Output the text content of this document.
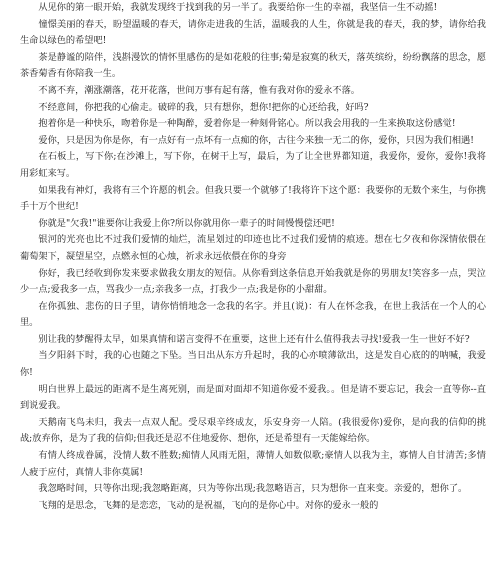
从见你的第一眼开始，我就发现终于找到我的另一半了。我要给你一生的幸福，我坚信一生不动摇!

憧憬美丽的春天，盼望温暖的春天，请你走进我的生活，温暖我的人生，你就是我的春天，我的梦，请你给我生命以绿色的希望吧!

茶是静谧的陪伴，浅斟漫饮的情怀里感伤的是如花般的往事;菊是寂寞的秋天，落英缤纷，纷纷飘落的思念，愿茶香菊香有你陪我一生。

不离不弃，潮涨潮落，花开花落，世间万事有起有落，惟有我对你的爱永不落。

不经意间，你把我的心偷走。破碎的我，只有想你，想你!把你的心还给我，好吗?

抱着你是一种快乐，吻着你是一种陶醉，爱着你是一种刻骨铭心。所以我会用我的一生来换取这份感觉!

爱你，只是因为你是你，有一点好有一点坏有一点痴的你，古往今来独一无二的你，爱你，只因为我们相遇!

在石板上，写下你;在沙滩上，写下你，在树干上写，最后，为了让全世界都知道，我爱你，爱你，爱你!我将用彩虹来写。

如果我有神灯，我将有三个许愿的机会。但我只要一个就够了!我将许下这个愿：我要你的无数个来生，与你携手十万个世纪!

你就是"欠我!"谁要你让我爱上你?所以你就用你一辈子的时间慢慢偿还吧!

银河的光亮也比不过我们爱情的灿烂，流星划过的印迹也比不过我们爱情的痕迹。想在七夕夜和你深情依偎在葡萄架下，凝望星空，点燃永恒的心烛，祈求永远依偎在你的身旁

你好，我已经收到你发来要求做我女朋友的短信。从你看到这条信息开始我就是你的男朋友!笑容多一点，哭泣少一点;爱我多一点，骂我少一点;亲我多一点，打我少一点;我是你的小甜甜。

在你孤独、悲伤的日子里，请你悄悄地念一念我的名字。并且(说)：有人在怀念我，在世上我活在一个人的心里。

别让我的梦醒得太早，如果真情和诺言变得不在重要，这世上还有什么值得我去寻找!爱我一生一世好不好?

当夕阳斜下时，我的心也随之下坠。当日出从东方升起时，我的心亦喷薄欲出，这是发自心底的的呐喊，我爱你!

明白世界上最远的距离不是生离死别，而是面对面却不知道你爱不爱我。。但是请不要忘记，我会一直等你--直到说爱我。

天鹅南飞鸟未归，我去一点双人配。受尽艰辛终成友，乐安身旁一人陪。(我很爱你)爱你，是向我的信仰的挑战;放弃你，是为了我的信仰;但我还是忍不住地爱你、想你，还是希望有一天能嫁给你。

有情人终成眷属，没情人数不胜数;痴情人风雨无阻，薄情人如数似歌;豪情人以我为主，寡情人自甘清苦;多情人疲于应付，真情人非你莫属!

我忽略时间，只等你出现;我忽略距离，只为等你出现;我忽略语言，只为想你一直来变。亲爱的，想你了。

飞翔的是思念，飞舞的是恋恋，飞动的是祝福，飞向的是你心中。对你的爱永一般的
